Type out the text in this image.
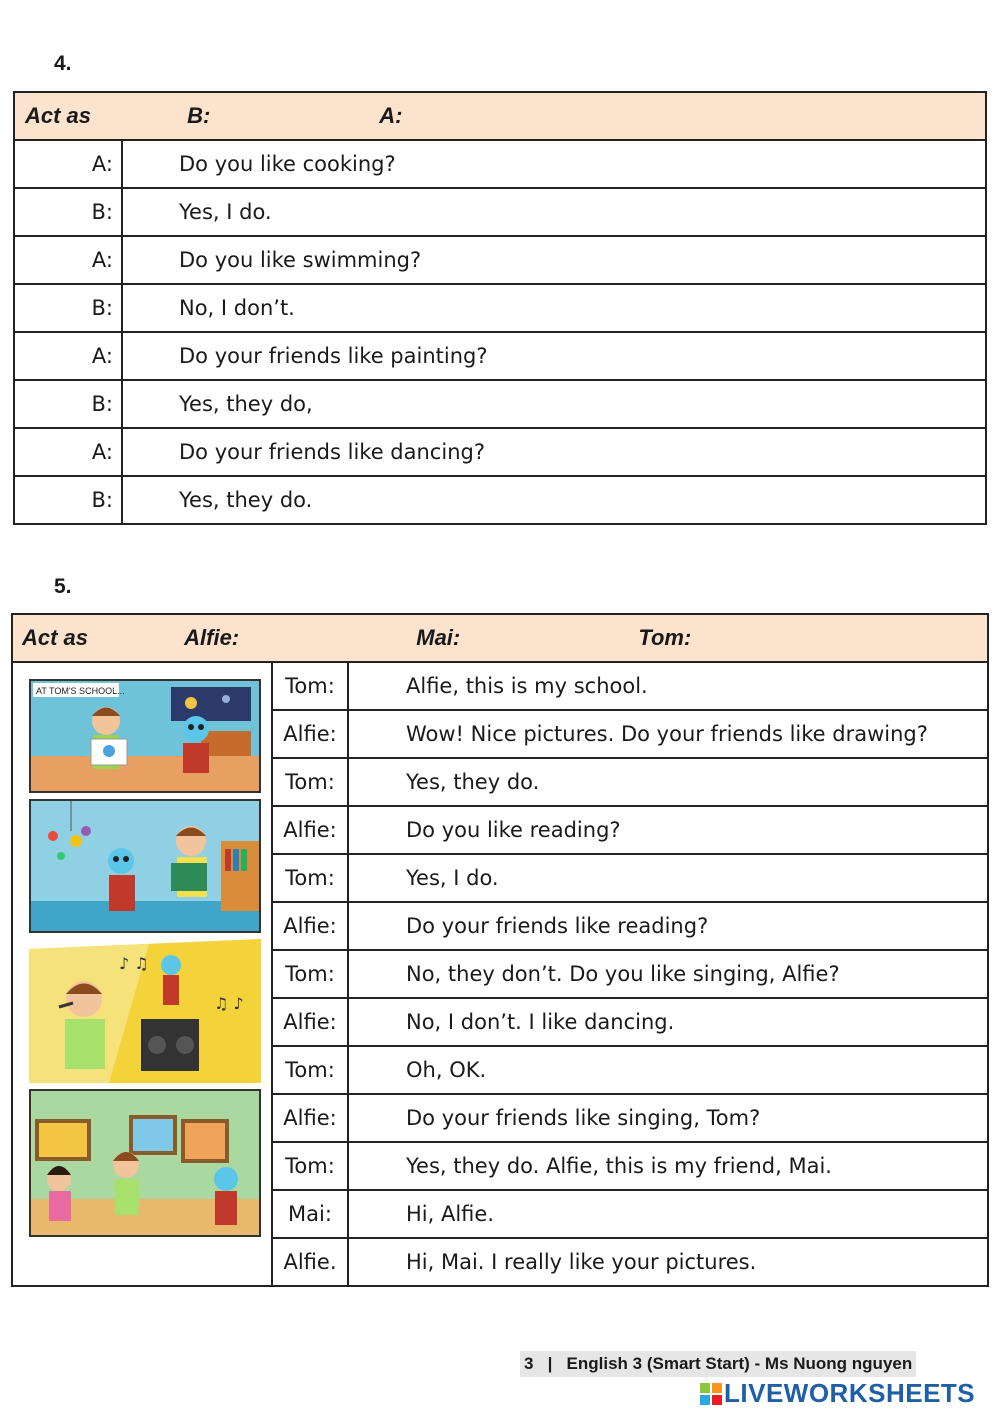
4.
Act as B: A:	
A:	Do you like cooking?
B:	Yes, I do.
A:	Do you like swimming?
B:	No, I don’t.
A:	Do your friends like painting?
B:	Yes, they do,
A:	Do your friends like dancing?
B:	Yes, they do.
5.
Act as Alfie: Mai: Tom:		

AT TOM'S SCHOOL...
♪ ♫
♫ ♪	Tom:	Alfie, this is my school.
	Alfie:	Wow! Nice pictures. Do your friends like drawing?
	Tom:	Yes, they do.
	Alfie:	Do you like reading?
	Tom:	Yes, I do.
	Alfie:	Do your friends like reading?
	Tom:	No, they don’t. Do you like singing, Alfie?
	Alfie:	No, I don’t. I like dancing.
	Tom:	Oh, OK.
	Alfie:	Do your friends like singing, Tom?
	Tom:	Yes, they do. Alfie, this is my friend, Mai.
	Mai:	Hi, Alfie.
	Alfie.	Hi, Mai. I really like your pictures.
3   |   English 3 (Smart Start) - Ms Nuong nguyen
LIVEWORKSHEETS
